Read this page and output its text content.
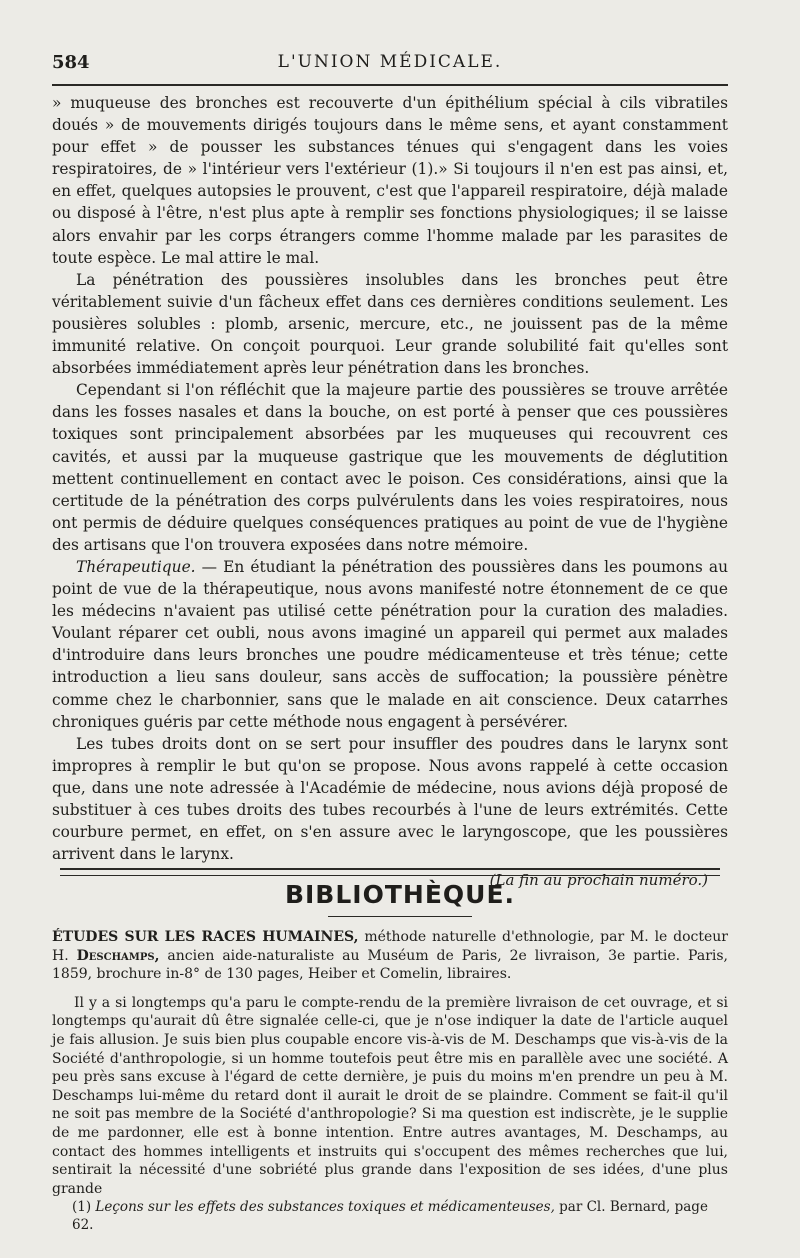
584	L'UNION MÉDICALE.

» muqueuse des bronches est recouverte d'un épithélium spécial à cils vibratiles doués » de mouvements dirigés toujours dans le même sens, et ayant constamment pour effet » de pousser les substances ténues qui s'engagent dans les voies respiratoires, de » l'intérieur vers l'extérieur (1).» Si toujours il n'en est pas ainsi, et, en effet, quelques autopsies le prouvent, c'est que l'appareil respiratoire, déjà malade ou disposé à l'être, n'est plus apte à remplir ses fonctions physiologiques; il se laisse alors envahir par les corps étrangers comme l'homme malade par les parasites de toute espèce. Le mal attire le mal.

La pénétration des poussières insolubles dans les bronches peut être véritablement suivie d'un fâcheux effet dans ces dernières conditions seulement. Les pousières solubles : plomb, arsenic, mercure, etc., ne jouissent pas de la même immunité relative. On conçoit pourquoi. Leur grande solubilité fait qu'elles sont absorbées immédiatement après leur pénétration dans les bronches.

Cependant si l'on réfléchit que la majeure partie des poussières se trouve arrêtée dans les fosses nasales et dans la bouche, on est porté à penser que ces poussières toxiques sont principalement absorbées par les muqueuses qui recouvrent ces cavités, et aussi par la muqueuse gastrique que les mouvements de déglutition mettent continuellement en contact avec le poison. Ces considérations, ainsi que la certitude de la pénétration des corps pulvérulents dans les voies respiratoires, nous ont permis de déduire quelques conséquences pratiques au point de vue de l'hygiène des artisans que l'on trouvera exposées dans notre mémoire.

Thérapeutique. — En étudiant la pénétration des poussières dans les poumons au point de vue de la thérapeutique, nous avons manifesté notre étonnement de ce que les médecins n'avaient pas utilisé cette pénétration pour la curation des maladies. Voulant réparer cet oubli, nous avons imaginé un appareil qui permet aux malades d'introduire dans leurs bronches une poudre médicamenteuse et très ténue; cette introduction a lieu sans douleur, sans accès de suffocation; la poussière pénètre comme chez le charbonnier, sans que le malade en ait conscience. Deux catarrhes chroniques guéris par cette méthode nous engagent à persévérer.

Les tubes droits dont on se sert pour insuffler des poudres dans le larynx sont impropres à remplir le but qu'on se propose. Nous avons rappelé à cette occasion que, dans une note adressée à l'Académie de médecine, nous avions déjà proposé de substituer à ces tubes droits des tubes recourbés à l'une de leurs extrémités. Cette courbure permet, en effet, on s'en assure avec le laryngoscope, que les poussières arrivent dans le larynx.

(La fin au prochain numéro.)
BIBLIOTHÈQUE.

ÉTUDES SUR LES RACES HUMAINES, méthode naturelle d'ethnologie, par M. le docteur H. Deschamps, ancien aide-naturaliste au Muséum de Paris, 2e livraison, 3e partie. Paris, 1859, brochure in-8° de 130 pages, Heiber et Comelin, libraires.

Il y a si longtemps qu'a paru le compte-rendu de la première livraison de cet ouvrage, et si longtemps qu'aurait dû être signalée celle-ci, que je n'ose indiquer la date de l'article auquel je fais allusion. Je suis bien plus coupable encore vis-à-vis de M. Deschamps que vis-à-vis de la Société d'anthropologie, si un homme toutefois peut être mis en parallèle avec une société. A peu près sans excuse à l'égard de cette dernière, je puis du moins m'en prendre un peu à M. Deschamps lui-même du retard dont il aurait le droit de se plaindre. Comment se fait-il qu'il ne soit pas membre de la Société d'anthropologie? Si ma question est indiscrète, je le supplie de me pardonner, elle est à bonne intention. Entre autres avantages, M. Deschamps, au contact des hommes intelligents et instruits qui s'occupent des mêmes recherches que lui, sentirait la nécessité d'une sobriété plus grande dans l'exposition de ses idées, d'une plus grande

(1) Leçons sur les effets des substances toxiques et médicamenteuses, par Cl. Bernard, page 62.
